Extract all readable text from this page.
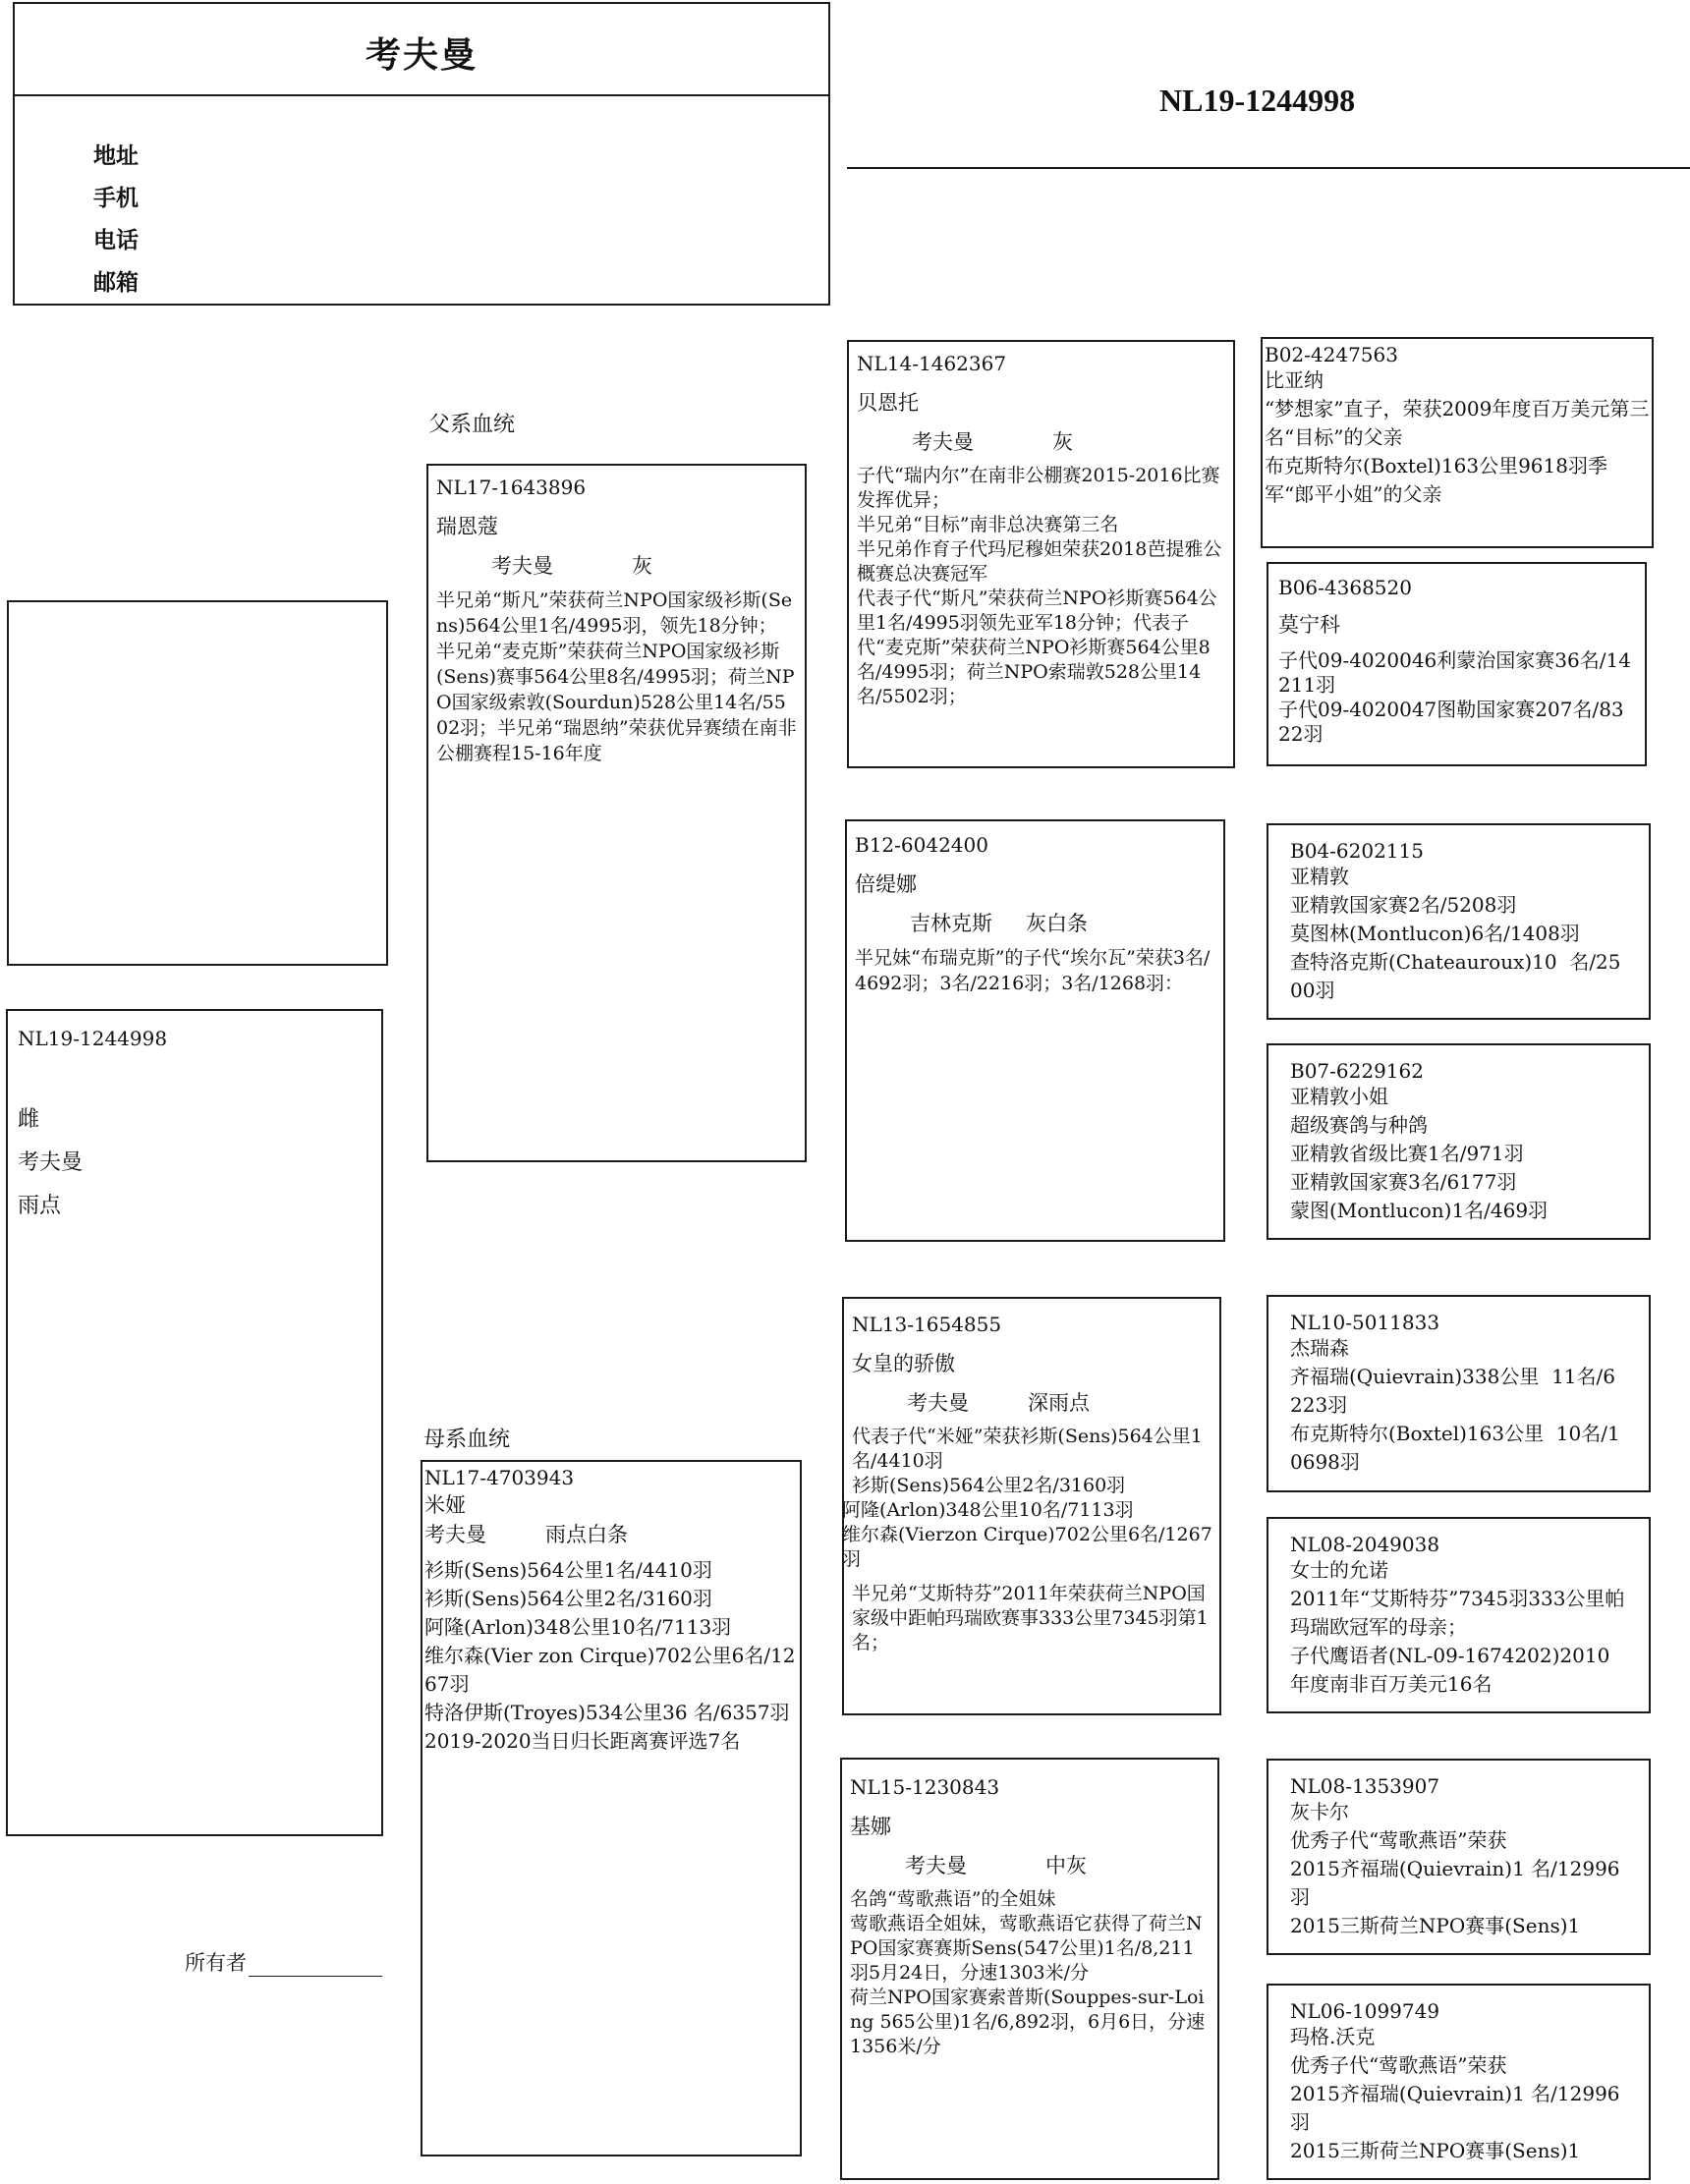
考夫曼
地址
手机
电话
邮箱
NL19-1244998
NL19-1244998
雌
考夫曼
雨点
所有者
父系血统
母系血统
NL17-1643896
瑞恩蔻
考夫曼	灰
半兄弟“斯凡”荣获荷兰NPO国家级衫斯(Sens)564公里1名/4995羽，领先18分钟；
半兄弟“麦克斯”荣获荷兰NPO国家级衫斯(Sens)赛事564公里8名/4995羽；荷兰NPO国家级索敦(Sourdun)528公里14名/5502羽；半兄弟“瑞恩纳”荣获优异赛绩在南非公棚赛程15-16年度
NL17-4703943
米娅
考夫曼	雨点白条
衫斯(Sens)564公里1名/4410羽
衫斯(Sens)564公里2名/3160羽
阿隆(Arlon)348公里10名/7113羽
维尔森(Vier zon Cirque)702公里6名/1267羽
特洛伊斯(Troyes)534公里36 名/6357羽
2019-2020当日归长距离赛评选7名
NL14-1462367
贝恩托
考夫曼	灰
子代“瑞内尔”在南非公棚赛2015-2016比赛发挥优异；
半兄弟“目标”南非总决赛第三名
半兄弟作育子代玛尼穆妲荣获2018芭提雅公概赛总决赛冠军
代表子代“斯凡”荣获荷兰NPO衫斯赛564公里1名/4995羽领先亚军18分钟；代表子代“麦克斯”荣获荷兰NPO衫斯赛564公里8名/4995羽；荷兰NPO索瑞敦528公里14名/5502羽；
B12-6042400
倍缇娜
吉林克斯 灰白条
半兄妹“布瑞克斯”的子代“埃尔瓦”荣获3名/4692羽；3名/2216羽；3名/1268羽：
NL13-1654855
女皇的骄傲
考夫曼	深雨点
代表子代“米娅”荣获衫斯(Sens)564公里1名/4410羽
衫斯(Sens)564公里2名/3160羽
阿隆(Arlon)348公里10名/7113羽
维尔森(Vierzon Cirque)702公里6名/1267羽
半兄弟“艾斯特芬”2011年荣获荷兰NPO国家级中距帕玛瑞欧赛事333公里7345羽第1名；
NL15-1230843
基娜
考夫曼	中灰
名鸽“莺歌燕语”的全姐妹
莺歌燕语全姐妹，莺歌燕语它获得了荷兰NPO国家赛赛斯Sens(547公里)1名/8,211羽5月24日，分速1303米/分
荷兰NPO国家赛索普斯(Souppes-sur-Loing 565公里)1名/6,892羽，6月6日，分速
1356米/分
B02-4247563
比亚纳
“梦想家”直子，荣获2009年度百万美元第三名“目标”的父亲
布克斯特尔(Boxtel)163公里9618羽季军“郎平小姐”的父亲
B06-4368520
莫宁科
子代09-4020046利蒙治国家赛36名/14211羽
子代09-4020047图勒国家赛207名/8322羽
B04-6202115
亚精敦
亚精敦国家赛2名/5208羽
莫图林(Montlucon)6名/1408羽
查特洛克斯(Chateauroux)10  名/2500羽
B07-6229162
亚精敦小姐
超级赛鸽与种鸽
亚精敦省级比赛1名/971羽
亚精敦国家赛3名/6177羽
蒙图(Montlucon)1名/469羽
NL10-5011833
杰瑞森
齐福瑞(Quievrain)338公里  11名/6223羽
布克斯特尔(Boxtel)163公里  10名/10698羽
NL08-2049038
女士的允诺
2011年“艾斯特芬”7345羽333公里帕 玛瑞欧冠军的母亲；
子代鹰语者(NL-09-1674202)2010年度南非百万美元16名
NL08-1353907
灰卡尔
优秀子代“莺歌燕语”荣获
2015齐福瑞(Quievrain)1 名/12996羽
2015三斯荷兰NPO赛事(Sens)1
NL06-1099749
玛格.沃克
优秀子代“莺歌燕语”荣获
2015齐福瑞(Quievrain)1 名/12996羽
2015三斯荷兰NPO赛事(Sens)1
